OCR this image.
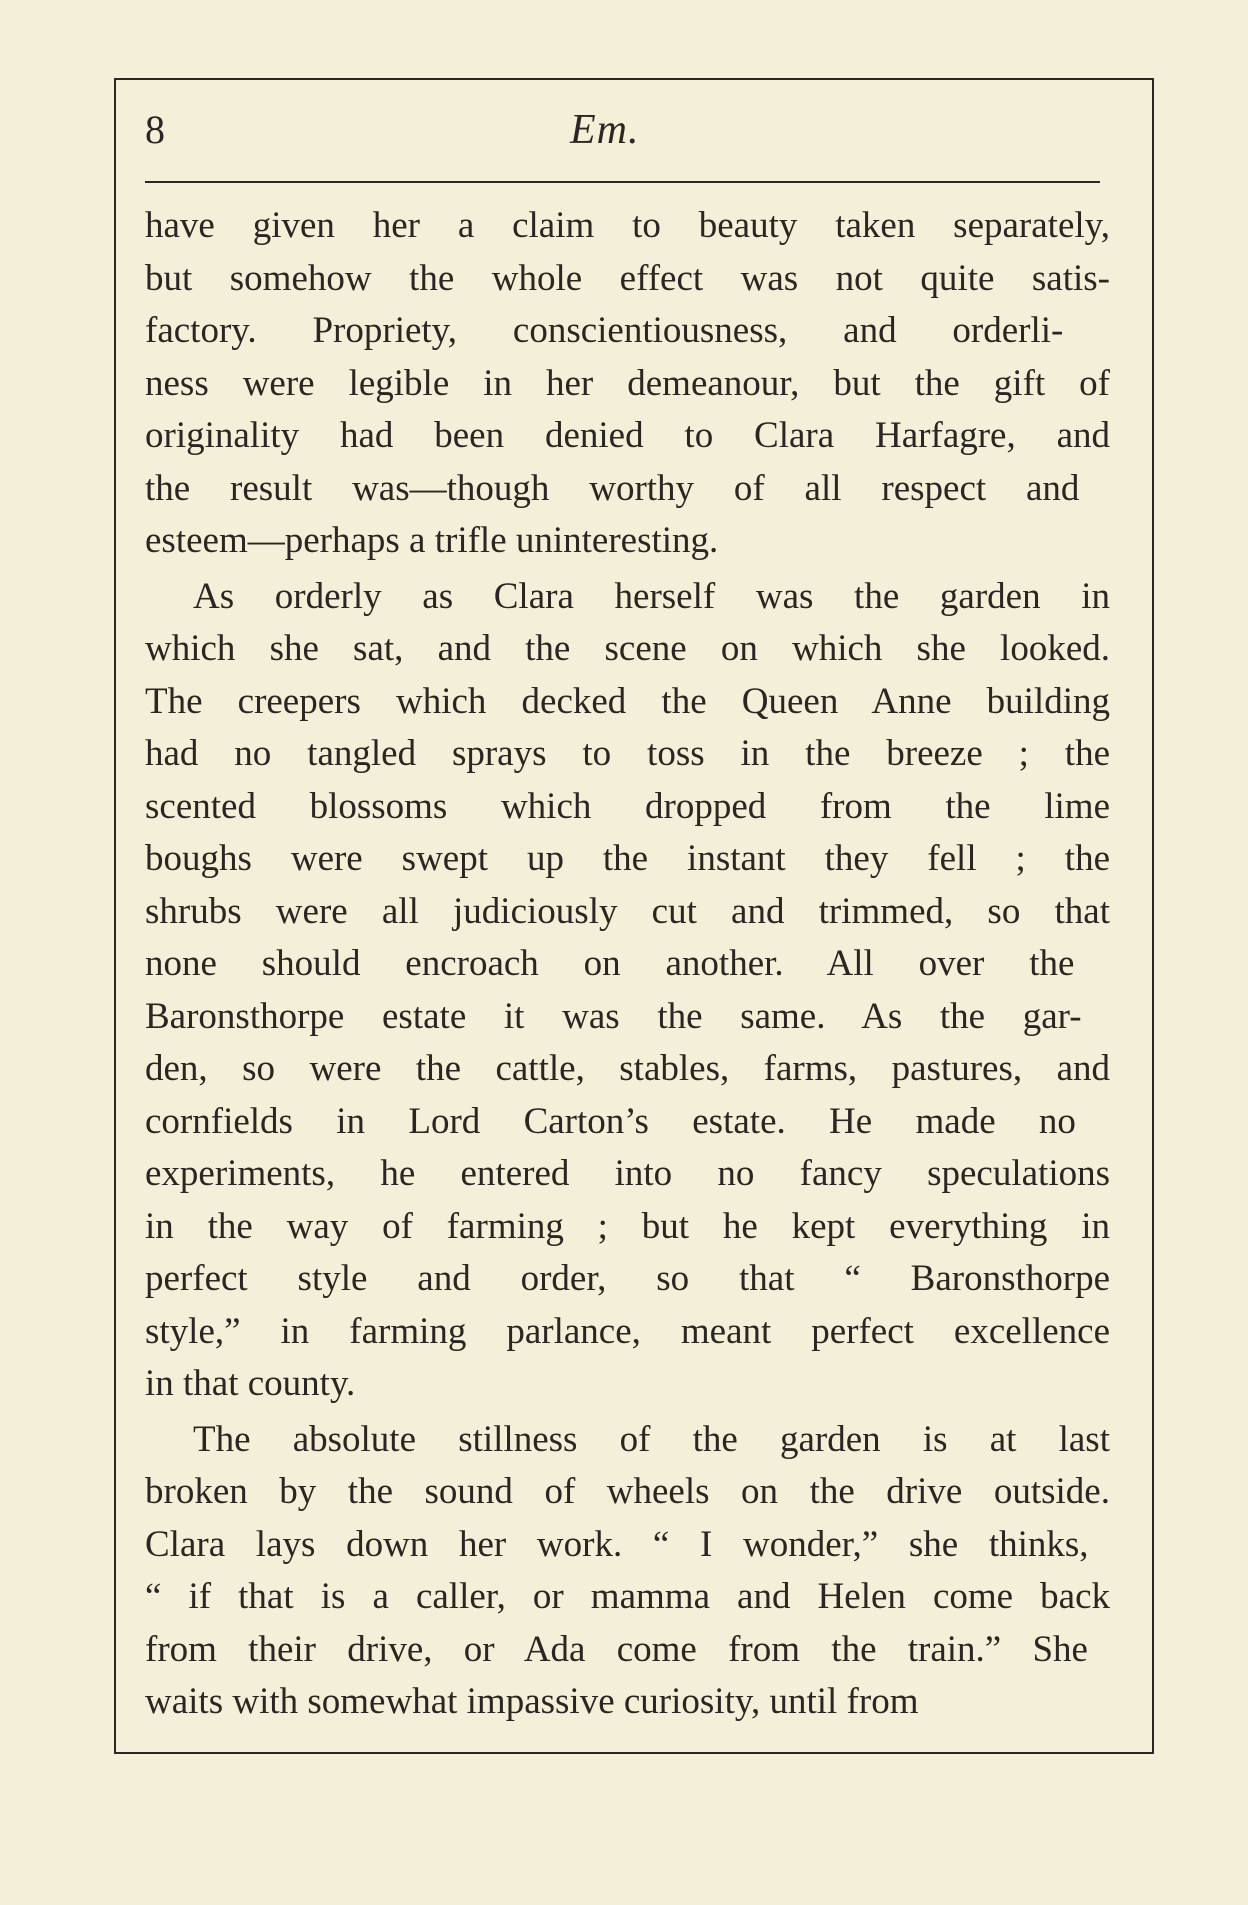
8	Em.
have given her a claim to beauty taken separately,
but somehow the whole effect was not quite satis-
factory. Propriety, conscientiousness, and orderli-
ness were legible in her demeanour, but the gift of
originality had been denied to Clara Harfagre, and
the result was—though worthy of all respect and
esteem—perhaps a trifle uninteresting.
As orderly as Clara herself was the garden in
which she sat, and the scene on which she looked.
The creepers which decked the Queen Anne building
had no tangled sprays to toss in the breeze ; the
scented blossoms which dropped from the lime
boughs were swept up the instant they fell ; the
shrubs were all judiciously cut and trimmed, so that
none should encroach on another. All over the
Baronsthorpe estate it was the same. As the gar-
den, so were the cattle, stables, farms, pastures, and
cornfields in Lord Carton’s estate. He made no
experiments, he entered into no fancy speculations
in the way of farming ; but he kept everything in
perfect style and order, so that “ Baronsthorpe
style,” in farming parlance, meant perfect excellence
in that county.
The absolute stillness of the garden is at last
broken by the sound of wheels on the drive outside.
Clara lays down her work. “ I wonder,” she thinks,
“ if that is a caller, or mamma and Helen come back
from their drive, or Ada come from the train.” She
waits with somewhat impassive curiosity, until from
